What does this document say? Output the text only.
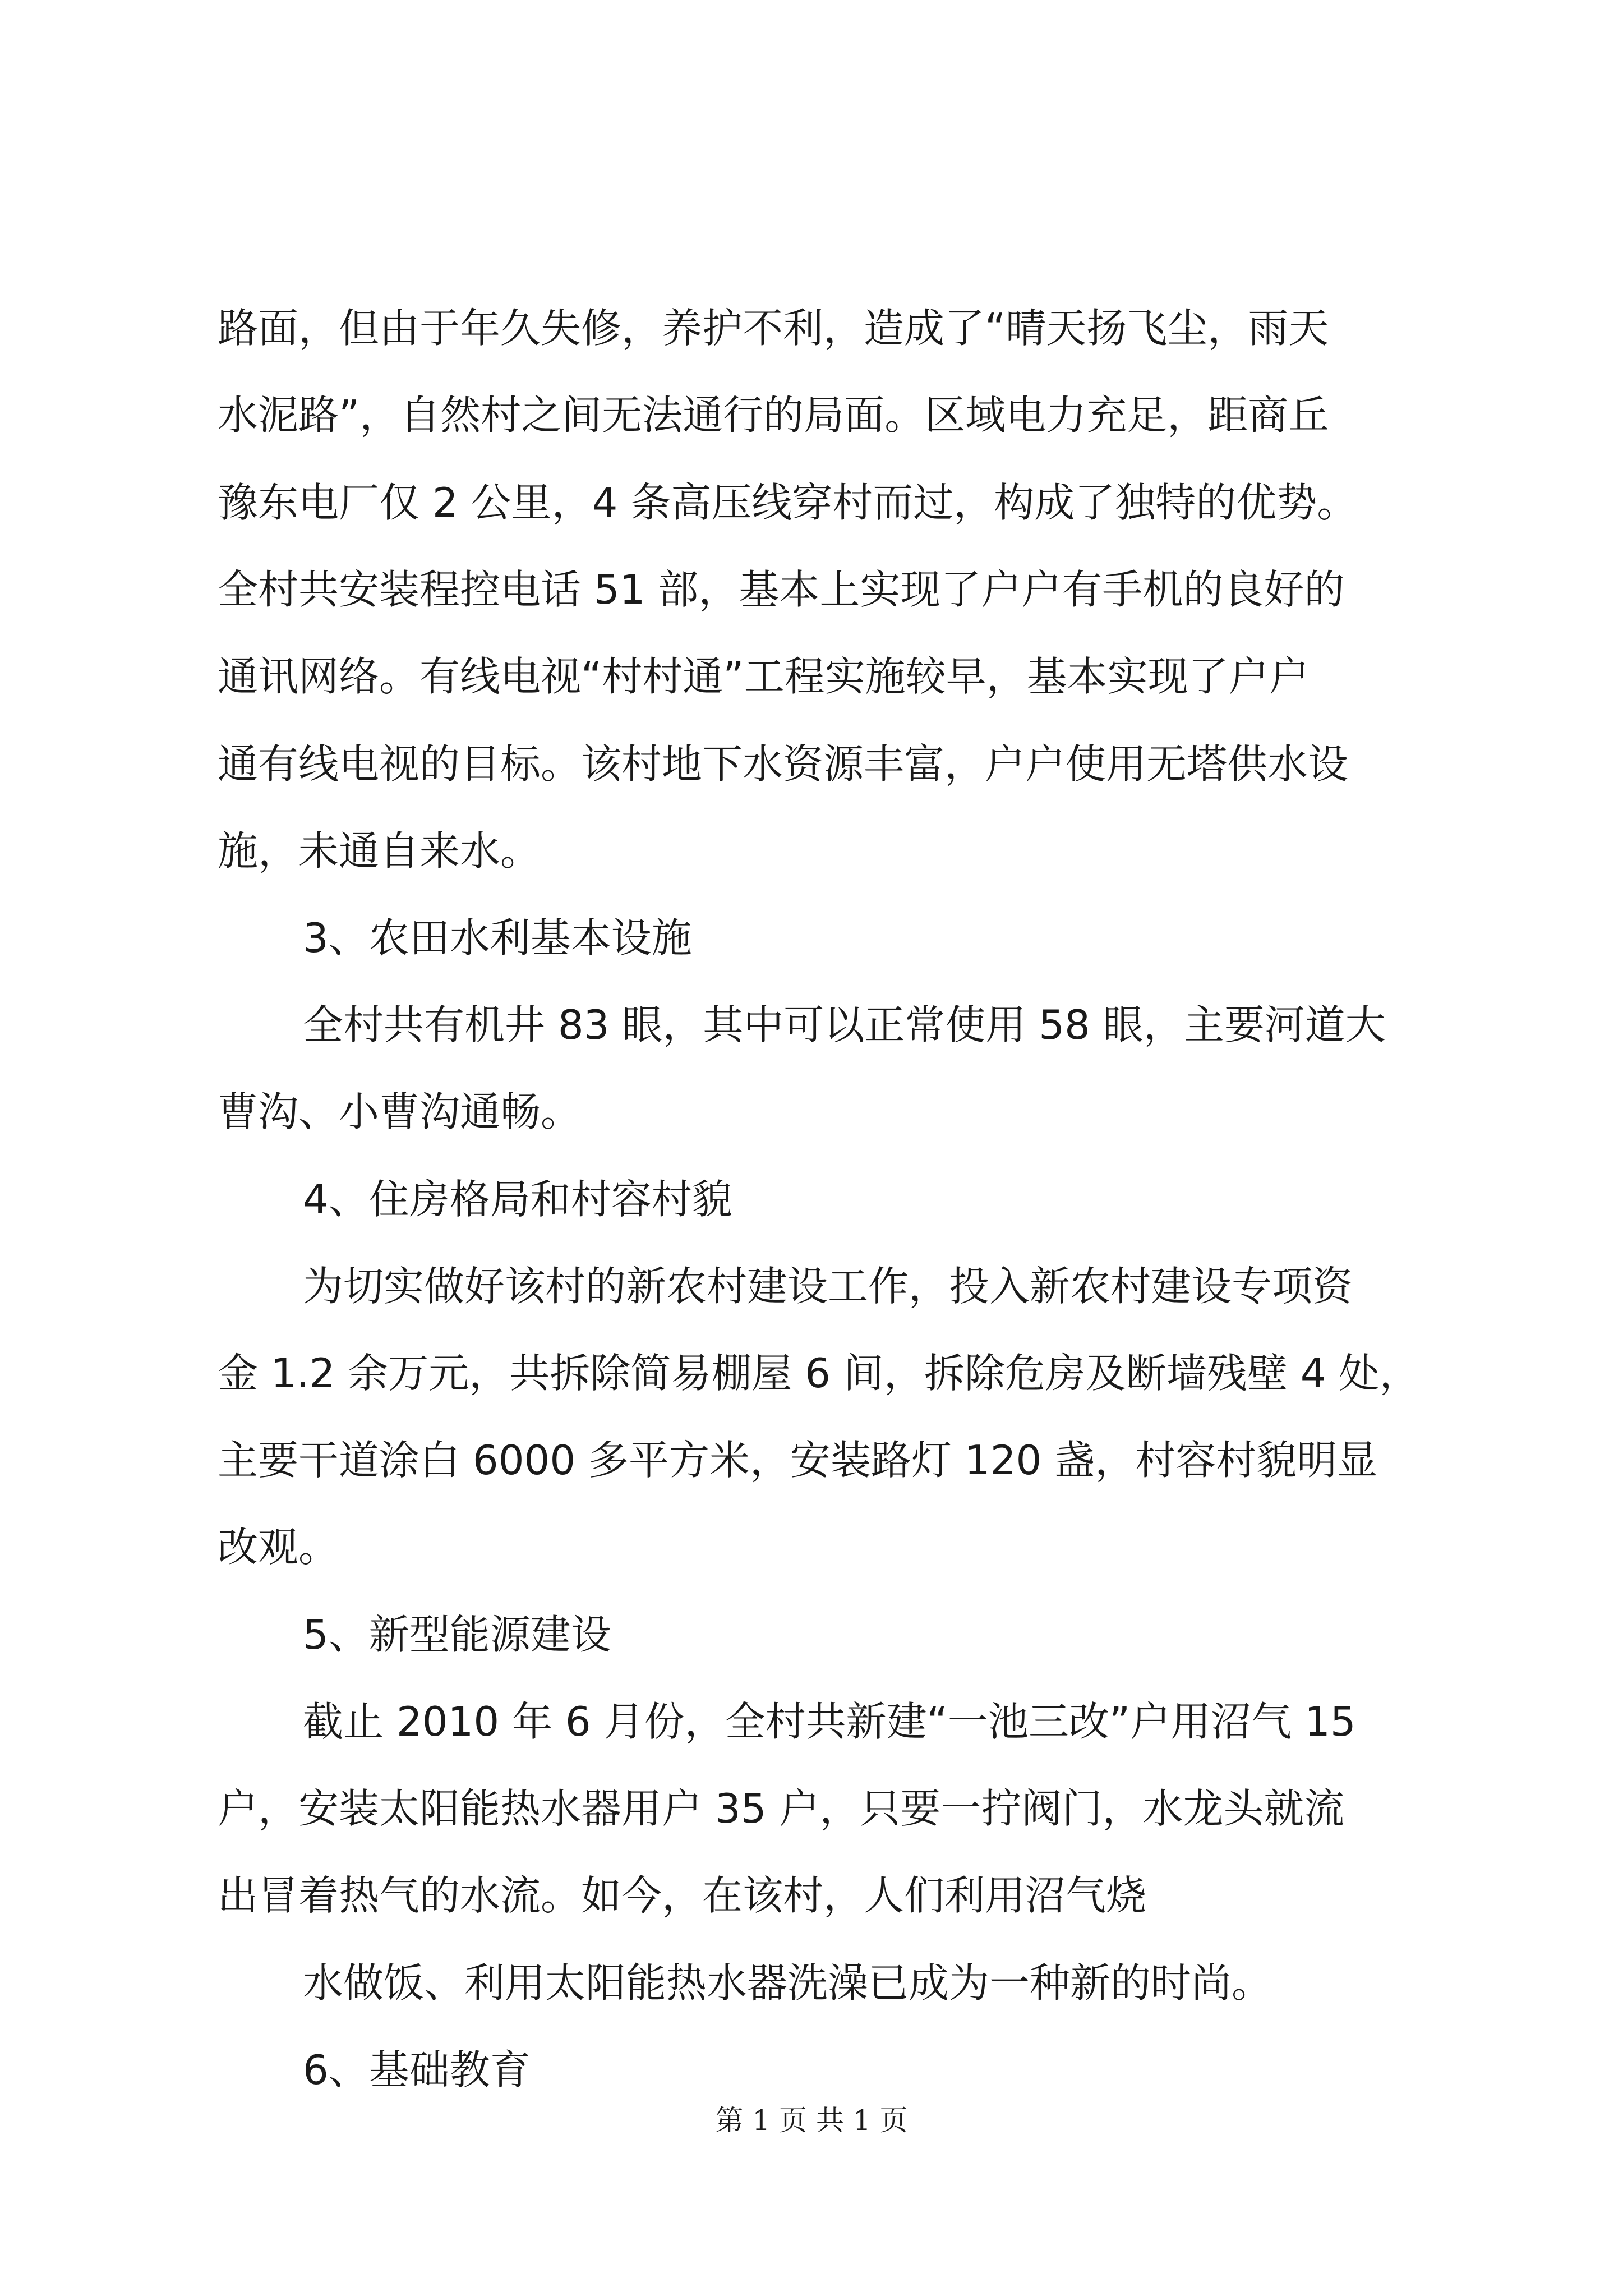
路面，但由于年久失修，养护不利，造成了“晴天扬飞尘，雨天
水泥路”，自然村之间无法通行的局面。区域电力充足，距商丘
豫东电厂仅 2 公里，4 条高压线穿村而过，构成了独特的优势。
全村共安装程控电话 51 部，基本上实现了户户有手机的良好的
通讯网络。有线电视“村村通”工程实施较早，基本实现了户户
通有线电视的目标。该村地下水资源丰富，户户使用无塔供水设
施，未通自来水。
3、农田水利基本设施
全村共有机井 83 眼，其中可以正常使用 58 眼，主要河道大
曹沟、小曹沟通畅。
4、住房格局和村容村貌
为切实做好该村的新农村建设工作，投入新农村建设专项资
金 1.2 余万元，共拆除简易棚屋 6 间，拆除危房及断墙残壁 4 处，
主要干道涂白 6000 多平方米，安装路灯 120 盏，村容村貌明显
改观。
5、新型能源建设
截止 2010 年 6 月份，全村共新建“一池三改”户用沼气 15
户，安装太阳能热水器用户 35 户，只要一拧阀门，水龙头就流
出冒着热气的水流。如今，在该村，人们利用沼气烧
水做饭、利用太阳能热水器洗澡已成为一种新的时尚。
6、基础教育
第 1 页 共 1 页
